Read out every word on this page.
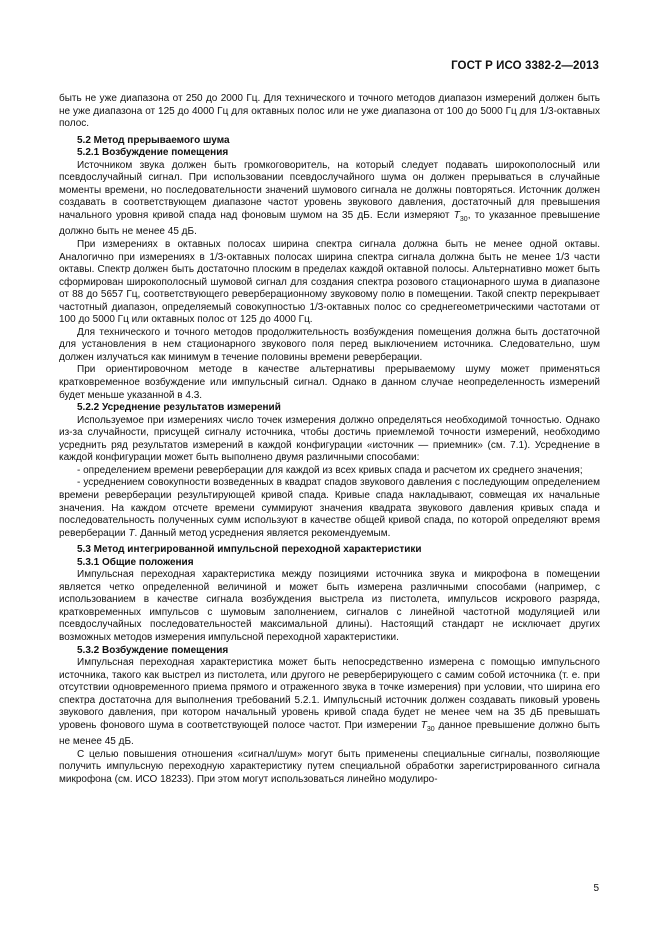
ГОСТ Р ИСО 3382-2—2013

быть не уже диапазона от 250 до 2000 Гц. Для технического и точного методов диапазон измерений должен быть не уже диапазона от 125 до 4000 Гц для октавных полос или не уже диапазона от 100 до 5000 Гц для 1/3-октавных полос.

5.2 Метод прерываемого шума

5.2.1 Возбуждение помещения

Источником звука должен быть громкоговоритель, на который следует подавать широкополосный или псевдослучайный сигнал. При использовании псевдослучайного шума он должен прерываться в случайные моменты времени, но последовательности значений шумового сигнала не должны повторяться. Источник должен создавать в соответствующем диапазоне частот уровень звукового давления, достаточный для превышения начального уровня кривой спада над фоновым шумом на 35 дБ. Если измеряют $T_{30}$, то указанное превышение должно быть не менее 45 дБ.

При измерениях в октавных полосах ширина спектра сигнала должна быть не менее одной октавы. Аналогично при измерениях в 1/3-октавных полосах ширина спектра сигнала должна быть не менее 1/3 части октавы. Спектр должен быть достаточно плоским в пределах каждой октавной полосы. Альтернативно может быть сформирован широкополосный шумовой сигнал для создания спектра розового стационарного шума в диапазоне от 88 до 5657 Гц, соответствующего реверберационному звуковому полю в помещении. Такой спектр перекрывает частотный диапазон, определяемый совокупностью 1/3-октавных полос со среднегеометрическими частотами от 100 до 5000 Гц или октавных полос от 125 до 4000 Гц.

Для технического и точного методов продолжительность возбуждения помещения должна быть достаточной для установления в нем стационарного звукового поля перед выключением источника. Следовательно, шум должен излучаться как минимум в течение половины времени реверберации.

При ориентировочном методе в качестве альтернативы прерываемому шуму может применяться кратковременное возбуждение или импульсный сигнал. Однако в данном случае неопределенность измерений будет меньше указанной в 4.3.

5.2.2 Усреднение результатов измерений

Используемое при измерениях число точек измерения должно определяться необходимой точностью. Однако из-за случайности, присущей сигналу источника, чтобы достичь приемлемой точности измерений, необходимо усреднить ряд результатов измерений в каждой конфигурации «источник — приемник» (см. 7.1). Усреднение в каждой конфигурации может быть выполнено двумя различными способами:

- определением времени реверберации для каждой из всех кривых спада и расчетом их среднего значения;

- усреднением совокупности возведенных в квадрат спадов звукового давления с последующим определением времени реверберации результирующей кривой спада. Кривые спада накладывают, совмещая их начальные значения. На каждом отсчете времени суммируют значения квадрата звукового давления кривых спада и последовательность полученных сумм используют в качестве общей кривой спада, по которой определяют время реверберации T. Данный метод усреднения является рекомендуемым.

5.3 Метод интегрированной импульсной переходной характеристики

5.3.1 Общие положения

Импульсная переходная характеристика между позициями источника звука и микрофона в помещении является четко определенной величиной и может быть измерена различными способами (например, с использованием в качестве сигнала возбуждения выстрела из пистолета, импульсов искрового разряда, кратковременных импульсов с шумовым заполнением, сигналов с линейной частотной модуляцией или псевдослучайных последовательностей максимальной длины). Настоящий стандарт не исключает других возможных методов измерения импульсной переходной характеристики.

5.3.2 Возбуждение помещения

Импульсная переходная характеристика может быть непосредственно измерена с помощью импульсного источника, такого как выстрел из пистолета, или другого не реверберирующего с самим собой источника (т. е. при отсутствии одновременного приема прямого и отраженного звука в точке измерения) при условии, что ширина его спектра достаточна для выполнения требований 5.2.1. Импульсный источник должен создавать пиковый уровень звукового давления, при котором начальный уровень кривой спада будет не менее чем на 35 дБ превышать уровень фонового шума в соответствующей полосе частот. При измерении $T_{30}$ данное превышение должно быть не менее 45 дБ.

С целью повышения отношения «сигнал/шум» могут быть применены специальные сигналы, позволяющие получить импульсную переходную характеристику путем специальной обработки зарегистрированного сигнала микрофона (см. ИСО 18233). При этом могут использоваться линейно модулиро-

5
